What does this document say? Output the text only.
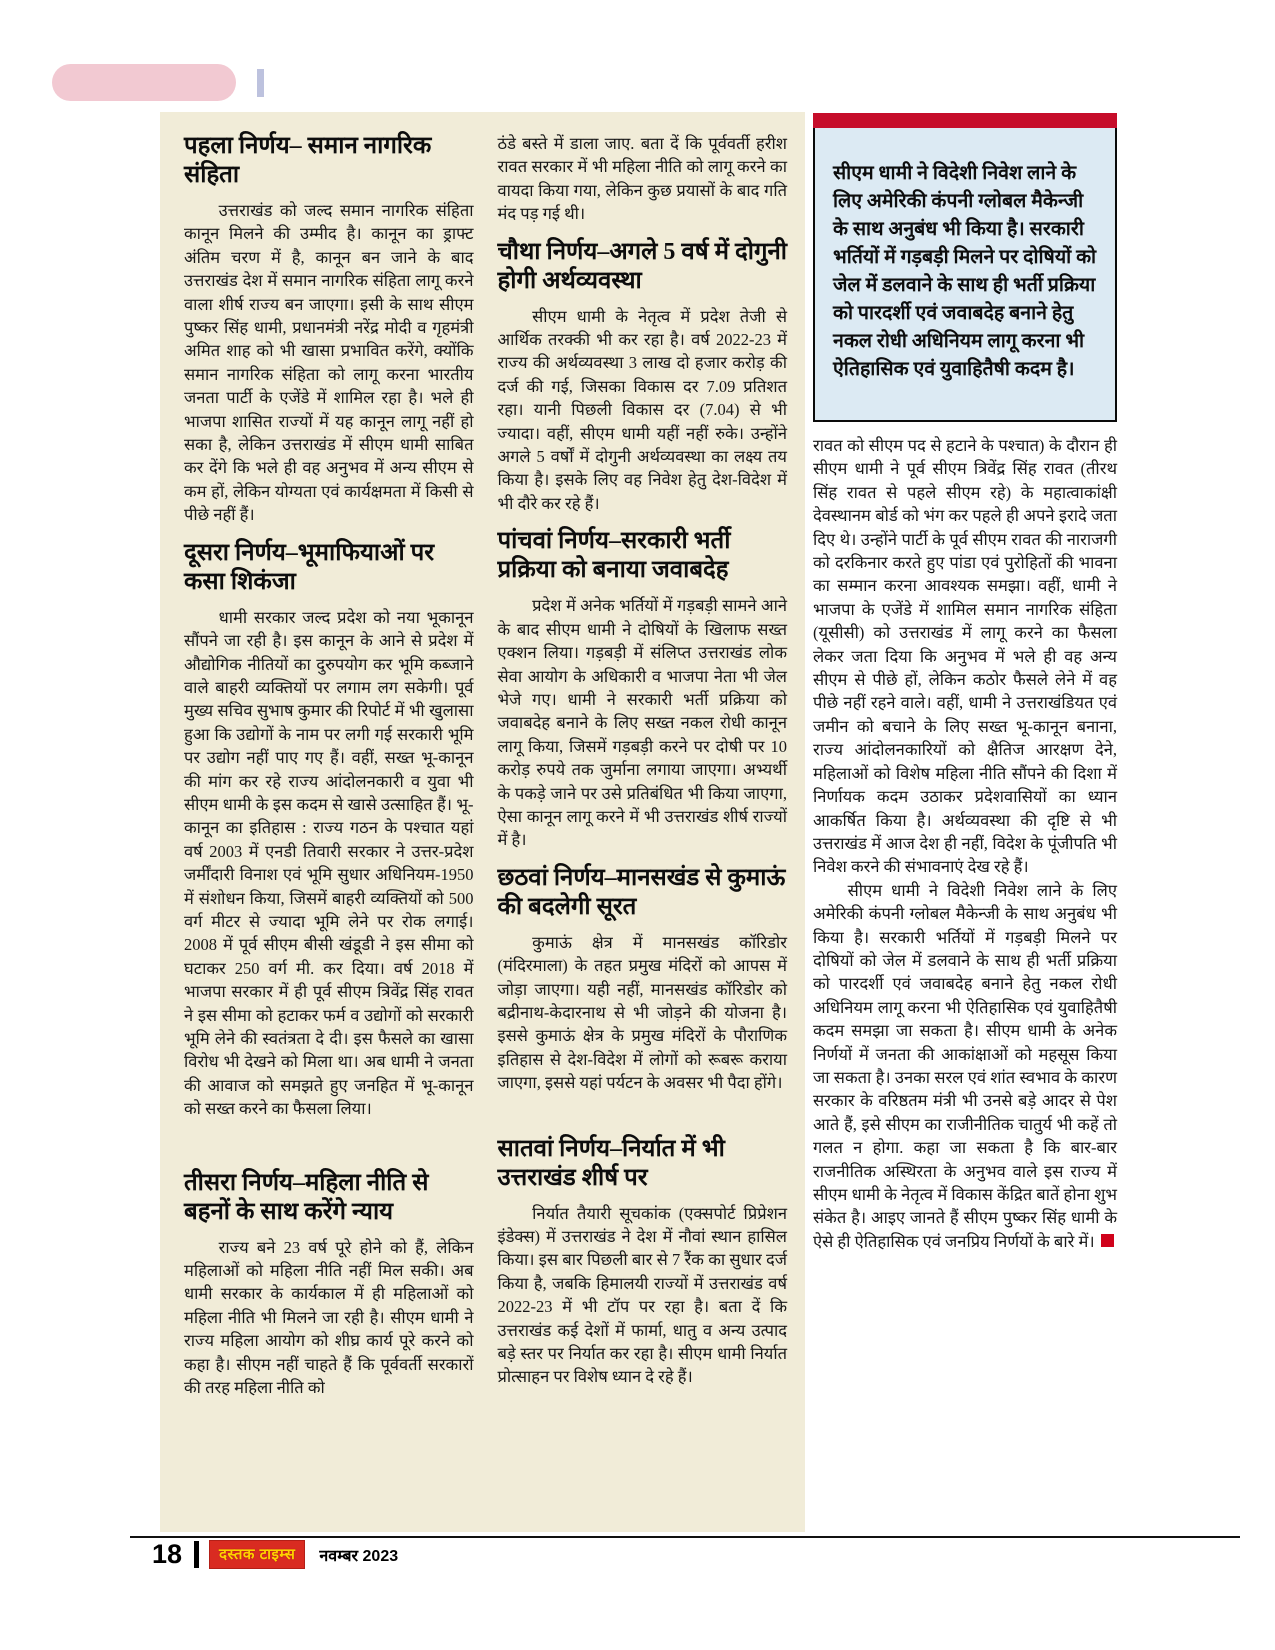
पहला निर्णय– समान नागरिक संहिता

उत्तराखंड को जल्द समान नागरिक संहिता कानून मिलने की उम्मीद है। कानून का ड्राफ्ट अंतिम चरण में है, कानून बन जाने के बाद उत्तराखंड देश में समान नागरिक संहिता लागू करने वाला शीर्ष राज्य बन जाएगा। इसी के साथ सीएम पुष्कर सिंह धामी, प्रधानमंत्री नरेंद्र मोदी व गृहमंत्री अमित शाह को भी खासा प्रभावित करेंगे, क्योंकि समान नागरिक संहिता को लागू करना भारतीय जनता पार्टी के एजेंडे में शामिल रहा है। भले ही भाजपा शासित राज्यों में यह कानून लागू नहीं हो सका है, लेकिन उत्तराखंड में सीएम धामी साबित कर देंगे कि भले ही वह अनुभव में अन्य सीएम से कम हों, लेकिन योग्यता एवं कार्यक्षमता में किसी से पीछे नहीं हैं।

दूसरा निर्णय–भूमाफियाओं पर कसा शिकंजा

धामी सरकार जल्द प्रदेश को नया भूकानून सौंपने जा रही है। इस कानून के आने से प्रदेश में औद्योगिक नीतियों का दुरुपयोग कर भूमि कब्जाने वाले बाहरी व्यक्तियों पर लगाम लग सकेगी। पूर्व मुख्य सचिव सुभाष कुमार की रिपोर्ट में भी खुलासा हुआ कि उद्योगों के नाम पर लगी गई सरकारी भूमि पर उद्योग नहीं पाए गए हैं। वहीं, सख्त भू-कानून की मांग कर रहे राज्य आंदोलनकारी व युवा भी सीएम धामी के इस कदम से खासे उत्साहित हैं। भू-कानून का इतिहास : राज्य गठन के पश्चात यहां वर्ष 2003 में एनडी तिवारी सरकार ने उत्तर-प्रदेश जर्मींदारी विनाश एवं भूमि सुधार अधिनियम-1950 में संशोधन किया, जिसमें बाहरी व्यक्तियों को 500 वर्ग मीटर से ज्यादा भूमि लेने पर रोक लगाई। 2008 में पूर्व सीएम बीसी खंडूडी ने इस सीमा को घटाकर 250 वर्ग मी. कर दिया। वर्ष 2018 में भाजपा सरकार में ही पूर्व सीएम त्रिवेंद्र सिंह रावत ने इस सीमा को हटाकर फर्म व उद्योगों को सरकारी भूमि लेने की स्वतंत्रता दे दी। इस फैसले का खासा विरोध भी देखने को मिला था। अब धामी ने जनता की आवाज को समझते हुए जनहित में भू-कानून को सख्त करने का फैसला लिया।

तीसरा निर्णय–महिला नीति से बहनों के साथ करेंगे न्याय

राज्य बने 23 वर्ष पूरे होने को हैं, लेकिन महिलाओं को महिला नीति नहीं मिल सकी। अब धामी सरकार के कार्यकाल में ही महिलाओं को महिला नीति भी मिलने जा रही है। सीएम धामी ने राज्य महिला आयोग को शीघ्र कार्य पूरे करने को कहा है। सीएम नहीं चाहते हैं कि पूर्ववर्ती सरकारों की तरह महिला नीति को

ठंडे बस्ते में डाला जाए. बता दें कि पूर्ववर्ती हरीश रावत सरकार में भी महिला नीति को लागू करने का वायदा किया गया, लेकिन कुछ प्रयासों के बाद गति मंद पड़ गई थी।

चौथा निर्णय–अगले 5 वर्ष में दोगुनी होगी अर्थव्यवस्था

सीएम धामी के नेतृत्व में प्रदेश तेजी से आर्थिक तरक्की भी कर रहा है। वर्ष 2022-23 में राज्य की अर्थव्यवस्था 3 लाख दो हजार करोड़ की दर्ज की गई, जिसका विकास दर 7.09 प्रतिशत रहा। यानी पिछली विकास दर (7.04) से भी ज्यादा। वहीं, सीएम धामी यहीं नहीं रुके। उन्होंने अगले 5 वर्षों में दोगुनी अर्थव्यवस्था का लक्ष्य तय किया है। इसके लिए वह निवेश हेतु देश-विदेश में भी दौरे कर रहे हैं।

पांचवां निर्णय–सरकारी भर्ती प्रक्रिया को बनाया जवाबदेह

प्रदेश में अनेक भर्तियों में गड़बड़ी सामने आने के बाद सीएम धामी ने दोषियों के खिलाफ सख्त एक्शन लिया। गड़बड़ी में संलिप्त उत्तराखंड लोक सेवा आयोग के अधिकारी व भाजपा नेता भी जेल भेजे गए। धामी ने सरकारी भर्ती प्रक्रिया को जवाबदेह बनाने के लिए सख्त नकल रोधी कानून लागू किया, जिसमें गड़बड़ी करने पर दोषी पर 10 करोड़ रुपये तक जुर्माना लगाया जाएगा। अभ्यर्थी के पकड़े जाने पर उसे प्रतिबंधित भी किया जाएगा, ऐसा कानून लागू करने में भी उत्तराखंड शीर्ष राज्यों में है।

छठवां निर्णय–मानसखंड से कुमाऊं की बदलेगी सूरत

कुमाऊं क्षेत्र में मानसखंड कॉरिडोर (मंदिरमाला) के तहत प्रमुख मंदिरों को आपस में जोड़ा जाएगा। यही नहीं, मानसखंड कॉरिडोर को बद्रीनाथ-केदारनाथ से भी जोड़ने की योजना है। इससे कुमाऊं क्षेत्र के प्रमुख मंदिरों के पौराणिक इतिहास से देश-विदेश में लोगों को रूबरू कराया जाएगा, इससे यहां पर्यटन के अवसर भी पैदा होंगे।

सातवां निर्णय–निर्यात में भी उत्तराखंड शीर्ष पर

निर्यात तैयारी सूचकांक (एक्सपोर्ट प्रिप्रेशन इंडेक्स) में उत्तराखंड ने देश में नौवां स्थान हासिल किया। इस बार पिछली बार से 7 रैंक का सुधार दर्ज किया है, जबकि हिमालयी राज्यों में उत्तराखंड वर्ष 2022-23 में भी टॉप पर रहा है। बता दें कि उत्तराखंड कई देशों में फार्मा, धातु व अन्य उत्पाद बड़े स्तर पर निर्यात कर रहा है। सीएम धामी निर्यात प्रोत्साहन पर विशेष ध्यान दे रहे हैं।

सीएम धामी ने विदेशी निवेश लाने के लिए अमेरिकी कंपनी ग्लोबल मैकेन्जी के साथ अनुबंध भी किया है। सरकारी भर्तियों में गड़बड़ी मिलने पर दोषियों को जेल में डलवाने के साथ ही भर्ती प्रक्रिया को पारदर्शी एवं जवाबदेह बनाने हेतु नकल रोधी अधिनियम लागू करना भी ऐतिहासिक एवं युवाहितैषी कदम है।

रावत को सीएम पद से हटाने के पश्चात) के दौरान ही सीएम धामी ने पूर्व सीएम त्रिवेंद्र सिंह रावत (तीरथ सिंह रावत से पहले सीएम रहे) के महात्वाकांक्षी देवस्थानम बोर्ड को भंग कर पहले ही अपने इरादे जता दिए थे। उन्होंने पार्टी के पूर्व सीएम रावत की नाराजगी को दरकिनार करते हुए पांडा एवं पुरोहितों की भावना का सम्मान करना आवश्यक समझा। वहीं, धामी ने भाजपा के एजेंडे में शामिल समान नागरिक संहिता (यूसीसी) को उत्तराखंड में लागू करने का फैसला लेकर जता दिया कि अनुभव में भले ही वह अन्य सीएम से पीछे हों, लेकिन कठोर फैसले लेने में वह पीछे नहीं रहने वाले। वहीं, धामी ने उत्तराखंडियत एवं जमीन को बचाने के लिए सख्त भू-कानून बनाना, राज्य आंदोलनकारियों को क्षैतिज आरक्षण देने, महिलाओं को विशेष महिला नीति सौंपने की दिशा में निर्णायक कदम उठाकर प्रदेशवासियों का ध्यान आकर्षित किया है। अर्थव्यवस्था की दृष्टि से भी उत्तराखंड में आज देश ही नहीं, विदेश के पूंजीपति भी निवेश करने की संभावनाएं देख रहे हैं।

सीएम धामी ने विदेशी निवेश लाने के लिए अमेरिकी कंपनी ग्लोबल मैकेन्जी के साथ अनुबंध भी किया है। सरकारी भर्तियों में गड़बड़ी मिलने पर दोषियों को जेल में डलवाने के साथ ही भर्ती प्रक्रिया को पारदर्शी एवं जवाबदेह बनाने हेतु नकल रोधी अधिनियम लागू करना भी ऐतिहासिक एवं युवाहितैषी कदम समझा जा सकता है। सीएम धामी के अनेक निर्णयों में जनता की आकांक्षाओं को महसूस किया जा सकता है। उनका सरल एवं शांत स्वभाव के कारण सरकार के वरिष्ठतम मंत्री भी उनसे बड़े आदर से पेश आते हैं, इसे सीएम का राजीनीतिक चातुर्य भी कहें तो गलत न होगा. कहा जा सकता है कि बार-बार राजनीतिक अस्थिरता के अनुभव वाले इस राज्य में सीएम धामी के नेतृत्व में विकास केंद्रित बातें होना शुभ संकेत है। आइए जानते हैं सीएम पुष्कर सिंह धामी के ऐसे ही ऐतिहासिक एवं जनप्रिय निर्णयों के बारे में।

18	दस्तक टाइम्स	नवम्बर 2023
